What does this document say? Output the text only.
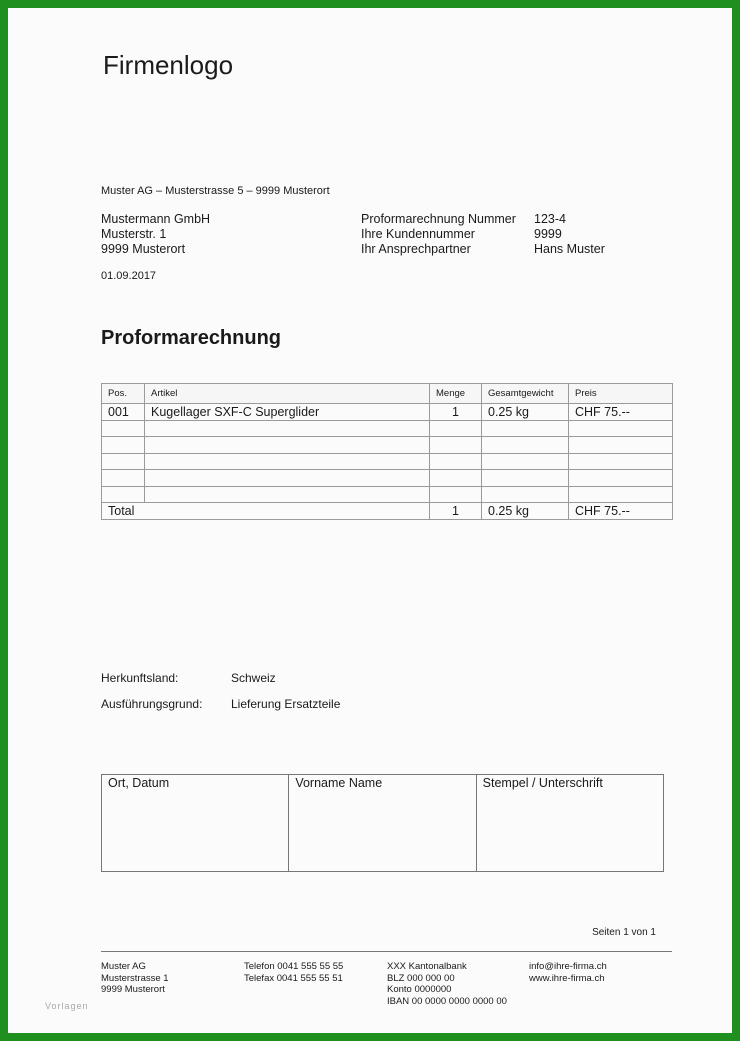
Firmenlogo
Muster AG – Musterstrasse 5 – 9999 Musterort
Mustermann GmbH
Musterstr. 1
9999 Musterort
Proformarechnung Nummer	123-4
Ihre Kundennummer	9999
Ihr Ansprechpartner	Hans Muster
01.09.2017
Proformarechnung
Pos.	Artikel	Menge	Gesamtgewicht	Preis
001	Kugellager SXF-C Superglider	1	0.25 kg	CHF 75.--

Total		1	0.25 kg	CHF 75.--
Herkunftsland:	Schweiz
Ausführungsgrund:	Lieferung Ersatzteile
Ort, Datum	Vorname Name	Stempel / Unterschrift
Seiten 1 von 1
Muster AG
Musterstrasse 1
9999 Musterort
Telefon 0041 555 55 55
Telefax 0041 555 55 51
XXX Kantonalbank
BLZ 000 000 00
Konto 0000000
IBAN 00 0000 0000 0000 00
info@ihre-firma.ch
www.ihre-firma.ch
Vorlagen
